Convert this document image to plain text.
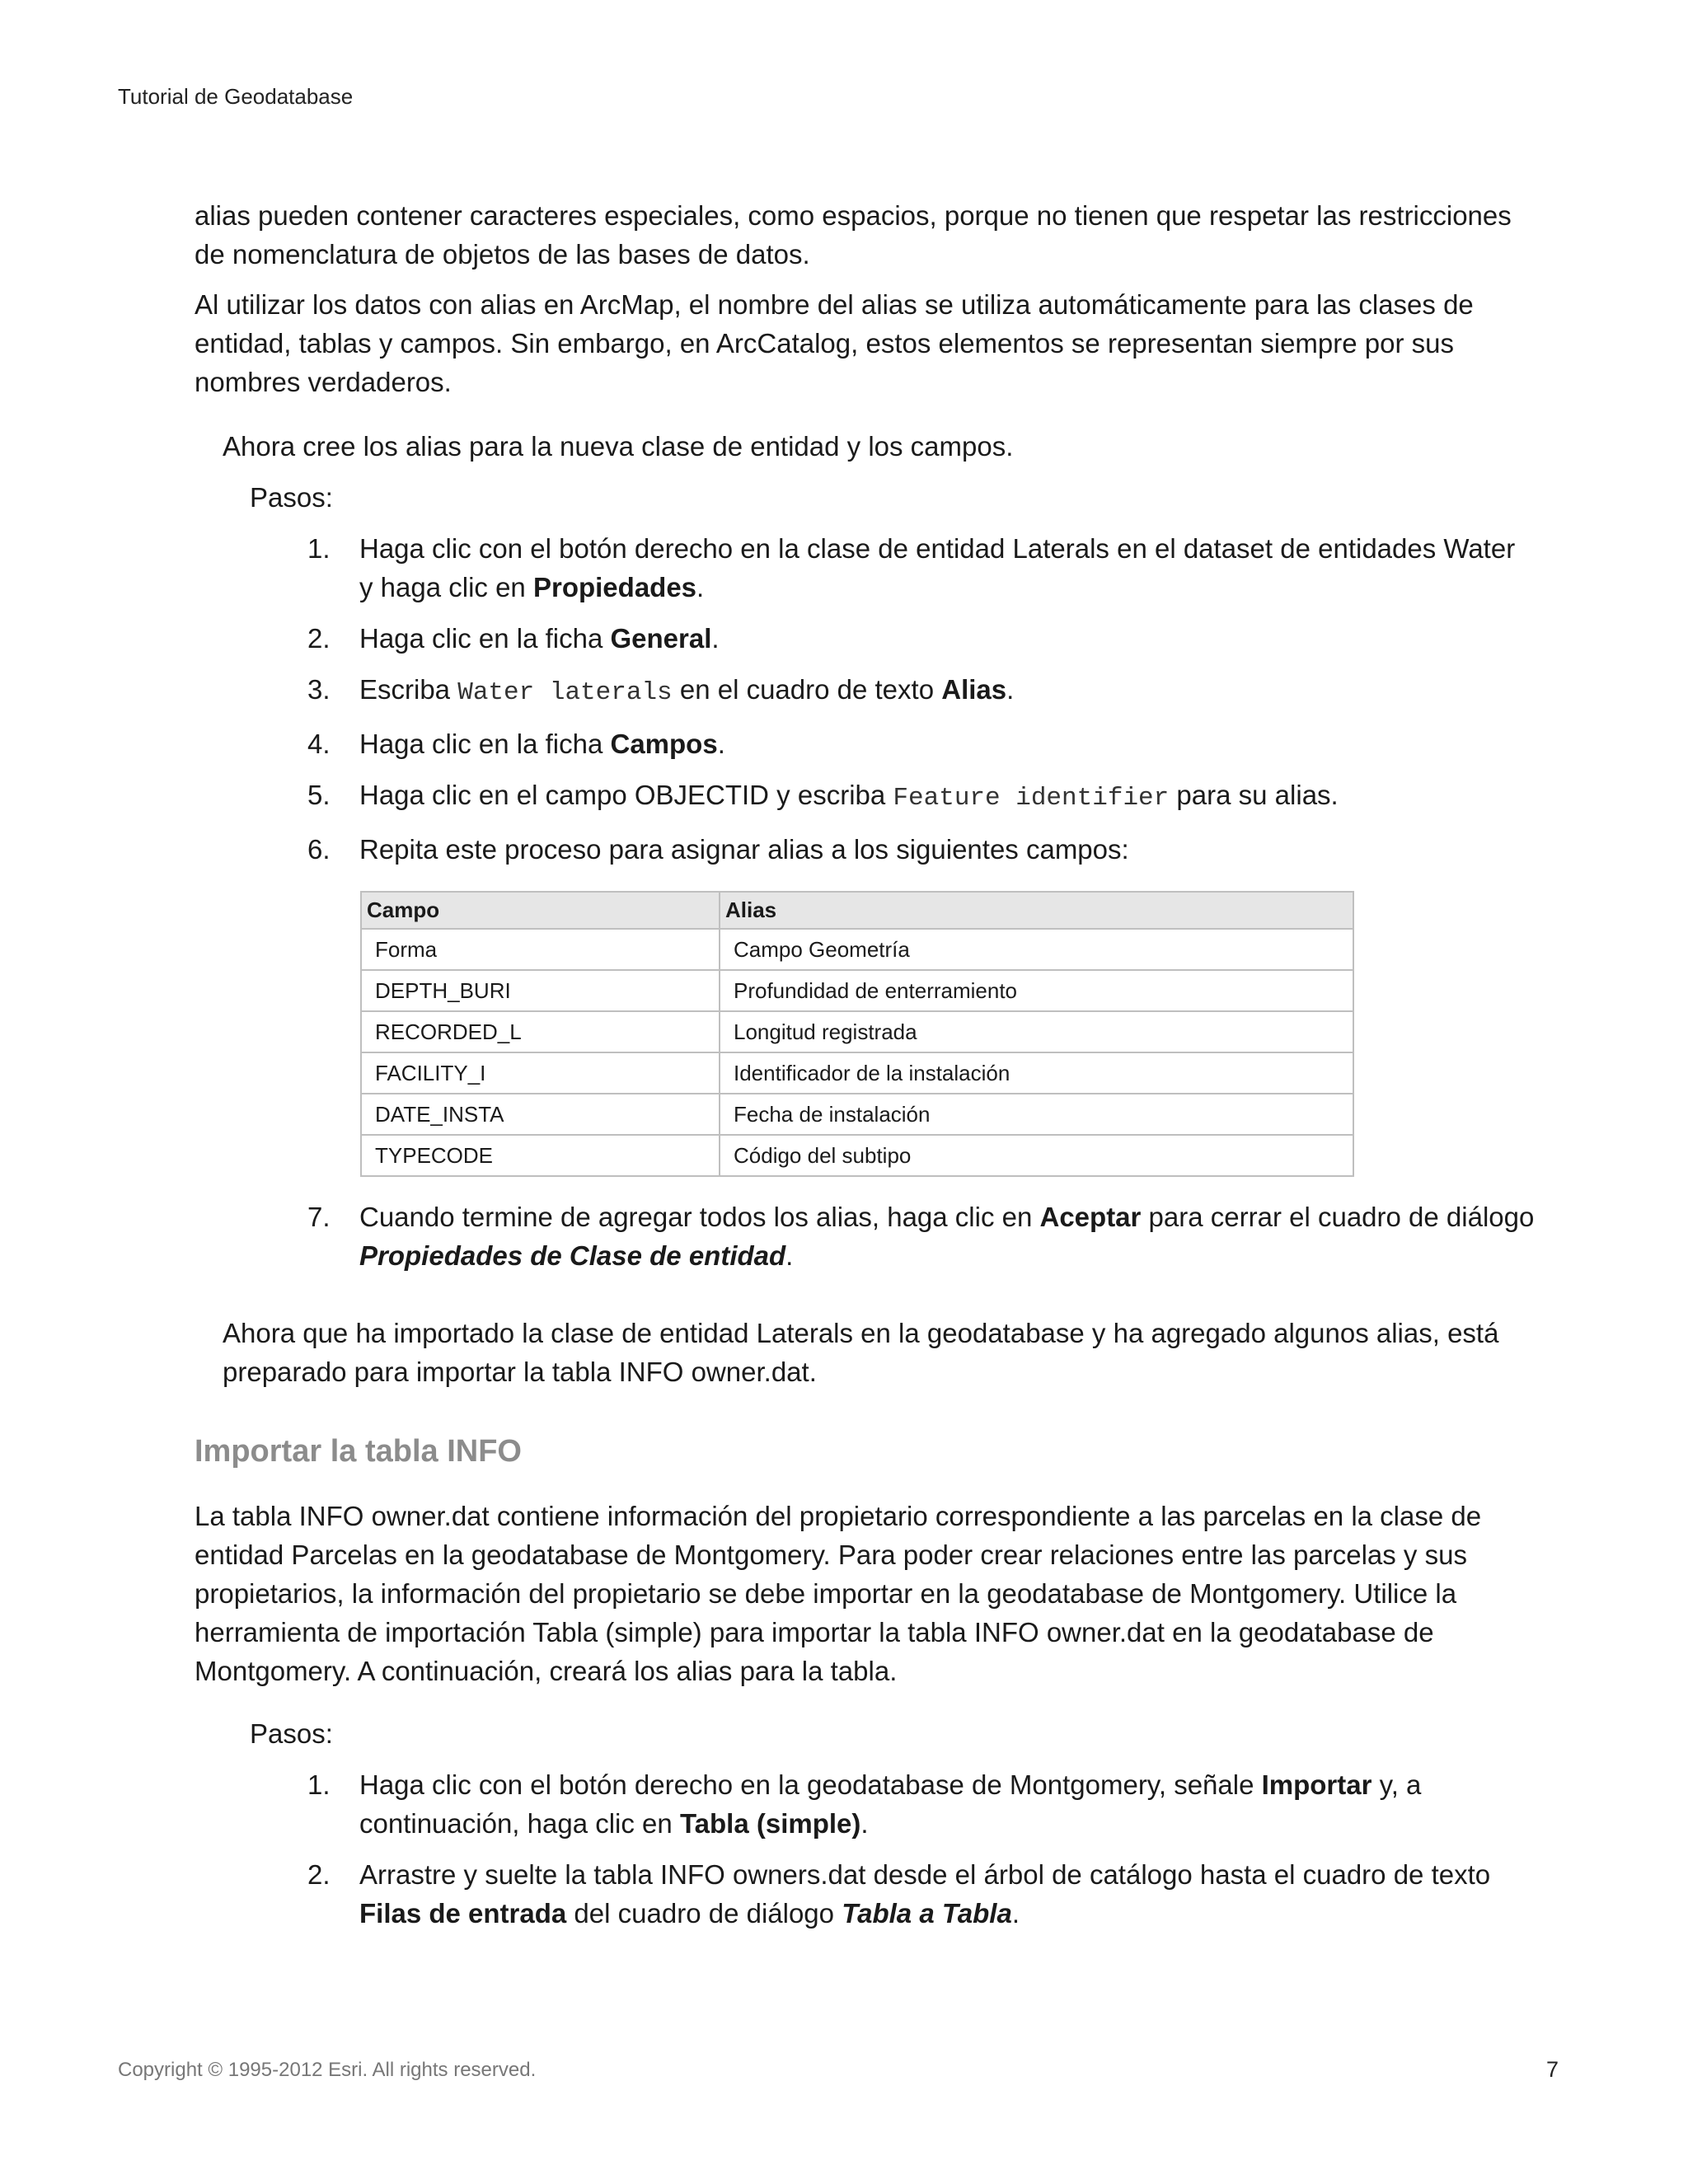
Tutorial de Geodatabase

alias pueden contener caracteres especiales, como espacios, porque no tienen que respetar las restricciones de nomenclatura de objetos de las bases de datos.

Al utilizar los datos con alias en ArcMap, el nombre del alias se utiliza automáticamente para las clases de entidad, tablas y campos. Sin embargo, en ArcCatalog, estos elementos se representan siempre por sus nombres verdaderos.

Ahora cree los alias para la nueva clase de entidad y los campos.

Pasos:

1. Haga clic con el botón derecho en la clase de entidad Laterals en el dataset de entidades Water y haga clic en Propiedades.
2. Haga clic en la ficha General.
3. Escriba Water laterals en el cuadro de texto Alias.
4. Haga clic en la ficha Campos.
5. Haga clic en el campo OBJECTID y escriba Feature identifier para su alias.
6. Repita este proceso para asignar alias a los siguientes campos:
Campo	Alias
Forma	Campo Geometría
DEPTH_BURI	Profundidad de enterramiento
RECORDED_L	Longitud registrada
FACILITY_I	Identificador de la instalación
DATE_INSTA	Fecha de instalación
TYPECODE	Código del subtipo
7. Cuando termine de agregar todos los alias, haga clic en Aceptar para cerrar el cuadro de diálogo Propiedades de Clase de entidad.

Ahora que ha importado la clase de entidad Laterals en la geodatabase y ha agregado algunos alias, está preparado para importar la tabla INFO owner.dat.

Importar la tabla INFO

La tabla INFO owner.dat contiene información del propietario correspondiente a las parcelas en la clase de entidad Parcelas en la geodatabase de Montgomery. Para poder crear relaciones entre las parcelas y sus propietarios, la información del propietario se debe importar en la geodatabase de Montgomery. Utilice la herramienta de importación Tabla (simple) para importar la tabla INFO owner.dat en la geodatabase de Montgomery. A continuación, creará los alias para la tabla.

Pasos:

1. Haga clic con el botón derecho en la geodatabase de Montgomery, señale Importar y, a continuación, haga clic en Tabla (simple).
2. Arrastre y suelte la tabla INFO owners.dat desde el árbol de catálogo hasta el cuadro de texto Filas de entrada del cuadro de diálogo Tabla a Tabla.
Copyright © 1995-2012 Esri. All rights reserved.	7
